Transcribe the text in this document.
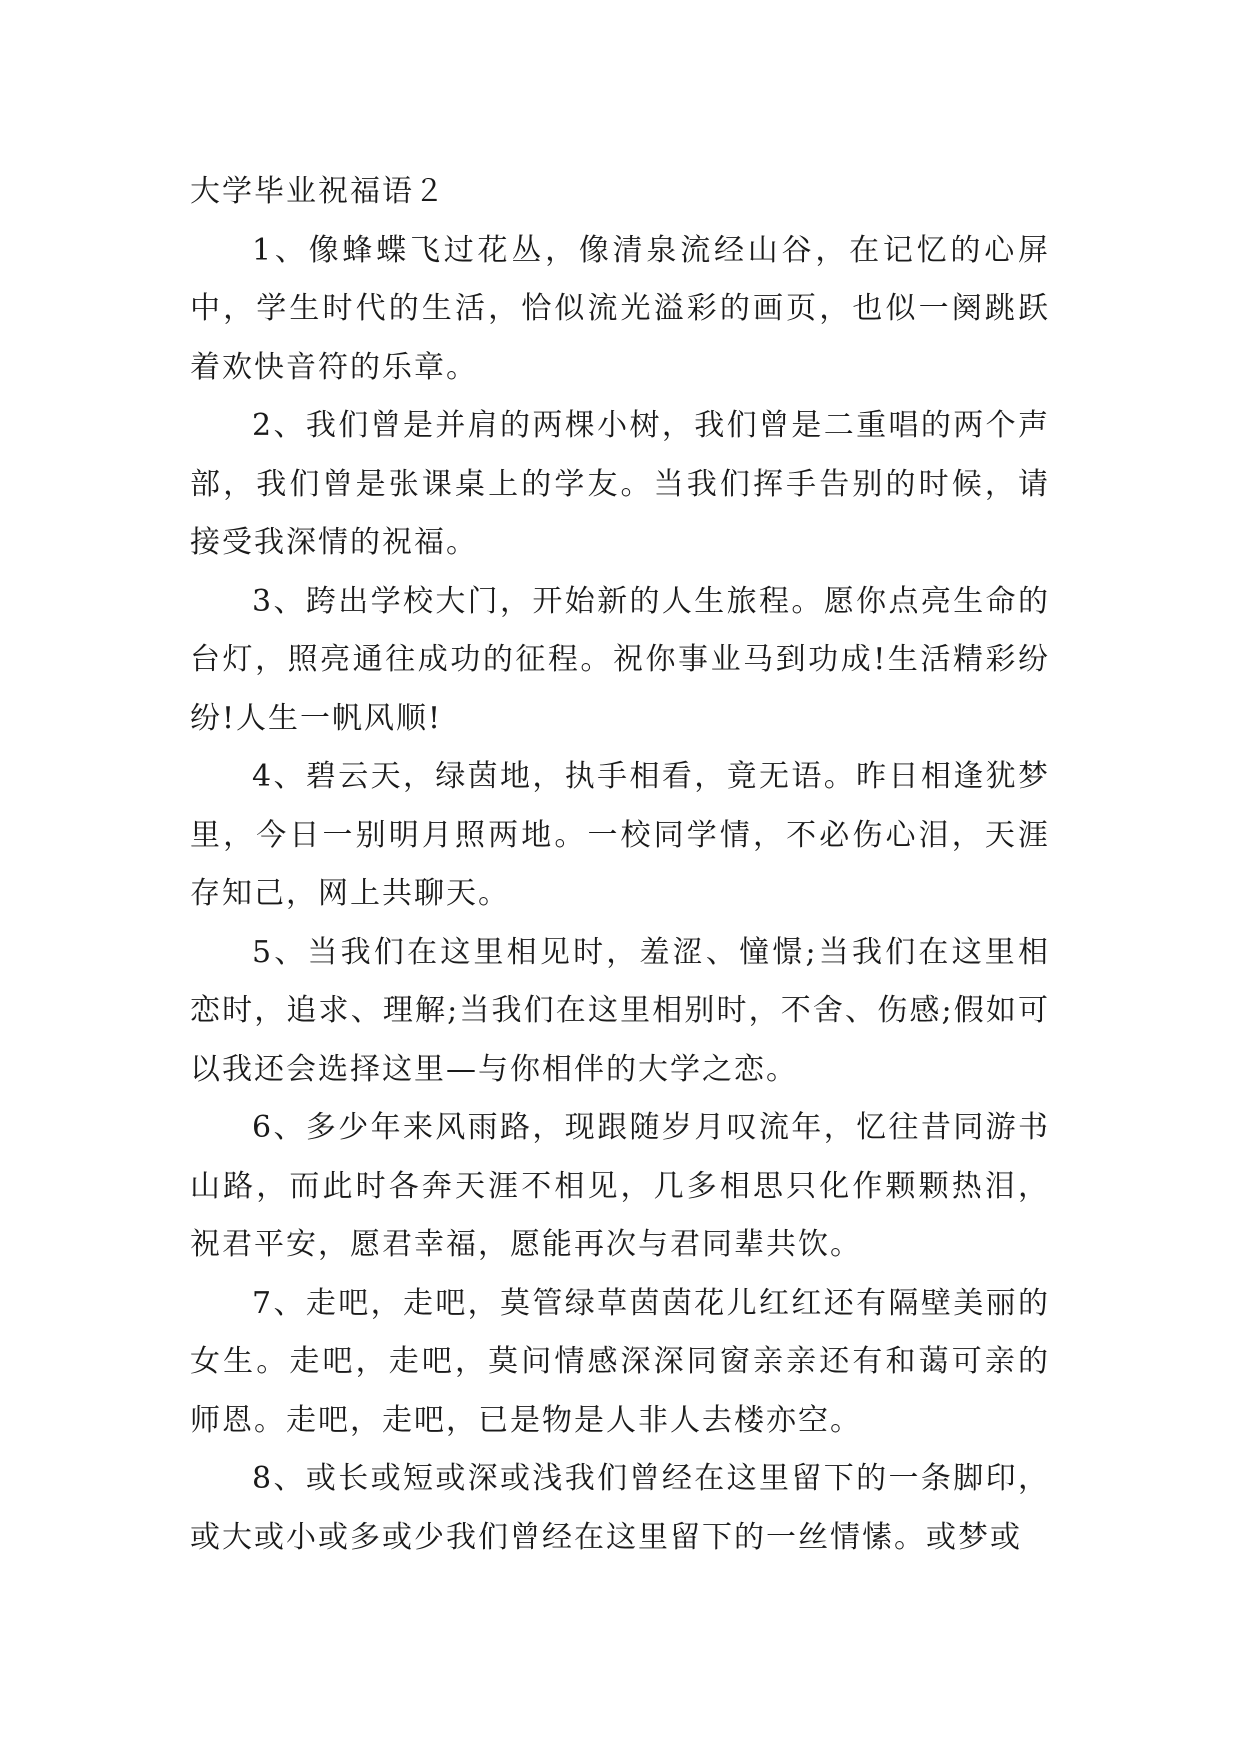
大学毕业祝福语２

1、像蜂蝶飞过花丛，像清泉流经山谷，在记忆的心屏中，学生时代的生活，恰似流光溢彩的画页，也似一阕跳跃着欢快音符的乐章。

2、我们曾是并肩的两棵小树，我们曾是二重唱的两个声部，我们曾是张课桌上的学友。当我们挥手告别的时候，请接受我深情的祝福。

3、跨出学校大门，开始新的人生旅程。愿你点亮生命的台灯，照亮通往成功的征程。祝你事业马到功成!生活精彩纷纷!人生一帆风顺!

4、碧云天，绿茵地，执手相看，竟无语。昨日相逢犹梦里，今日一别明月照两地。一校同学情，不必伤心泪，天涯存知己，网上共聊天。

5、当我们在这里相见时，羞涩、憧憬;当我们在这里相恋时，追求、理解;当我们在这里相别时，不舍、伤感;假如可以我还会选择这里—与你相伴的大学之恋。

6、多少年来风雨路，现跟随岁月叹流年，忆往昔同游书山路，而此时各奔天涯不相见，几多相思只化作颗颗热泪，祝君平安，愿君幸福，愿能再次与君同辈共饮。

7、走吧，走吧，莫管绿草茵茵花儿红红还有隔壁美丽的女生。走吧，走吧，莫问情感深深同窗亲亲还有和蔼可亲的师恩。走吧，走吧，已是物是人非人去楼亦空。

8、或长或短或深或浅我们曾经在这里留下的一条脚印，或大或小或多或少我们曾经在这里留下的一丝情愫。或梦或
